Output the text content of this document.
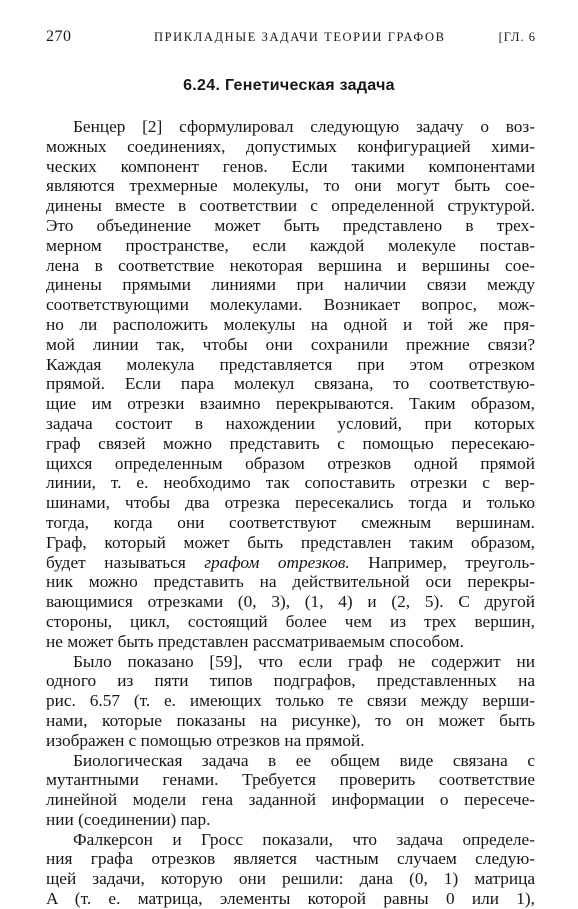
270	ПРИКЛАДНЫЕ ЗАДАЧИ ТЕОРИИ ГРАФОВ	[ГЛ. 6
6.24. Генетическая задача
Бенцер [2] сформулировал следующую задачу о воз-
можных соединениях, допустимых конфигурацией хими-
ческих компонент генов. Если такими компонентами
являются трехмерные молекулы, то они могут быть сое-
динены вместе в соответствии с определенной структурой.
Это объединение может быть представлено в трех-
мерном пространстве, если каждой молекуле постав-
лена в соответствие некоторая вершина и вершины сое-
динены прямыми линиями при наличии связи между
соответствующими молекулами. Возникает вопрос, мож-
но ли расположить молекулы на одной и той же пря-
мой линии так, чтобы они сохранили прежние связи?
Каждая молекула представляется при этом отрезком
прямой. Если пара молекул связана, то соответствую-
щие им отрезки взаимно перекрываются. Таким образом,
задача состоит в нахождении условий, при которых
граф связей можно представить с помощью пересекаю-
щихся определенным образом отрезков одной прямой
линии, т. е. необходимо так сопоставить отрезки с вер-
шинами, чтобы два отрезка пересекались тогда и только
тогда, когда они соответствуют смежным вершинам.
Граф, который может быть представлен таким образом,
будет называться графом отрезков. Например, треуголь-
ник можно представить на действительной оси перекры-
вающимися отрезками (0, 3), (1, 4) и (2, 5). С другой
стороны, цикл, состоящий более чем из трех вершин,
не может быть представлен рассматриваемым способом.
Было показано [59], что если граф не содержит ни
одного из пяти типов подграфов, представленных на
рис. 6.57 (т. е. имеющих только те связи между верши-
нами, которые показаны на рисунке), то он может быть
изображен с помощью отрезков на прямой.
Биологическая задача в ее общем виде связана с
мутантными генами. Требуется проверить соответствие
линейной модели гена заданной информации о пересече-
нии (соединении) пар.
Фалкерсон и Гросс показали, что задача определе-
ния графа отрезков является частным случаем следую-
щей задачи, которую они решили: дана (0, 1) матрица
A (т. е. матрица, элементы которой равны 0 или 1),
